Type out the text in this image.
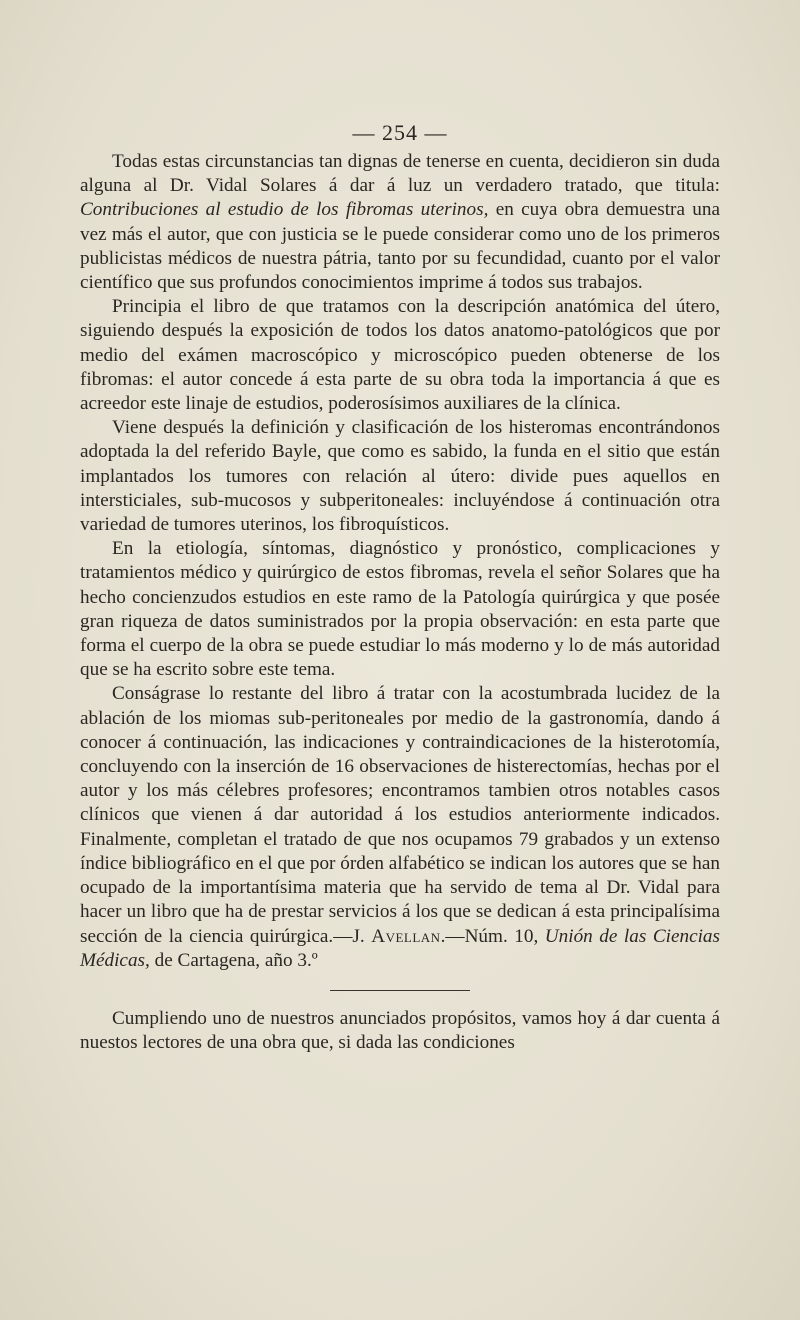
— 254 —

Todas estas circunstancias tan dignas de tenerse en cuenta, decidieron sin duda alguna al Dr. Vidal Solares á dar á luz un verdadero tratado, que titula: Contribuciones al estudio de los fibromas uterinos, en cuya obra demuestra una vez más el autor, que con justicia se le puede considerar como uno de los primeros publicistas médicos de nuestra pátria, tanto por su fecundidad, cuanto por el valor científico que sus profundos conocimientos imprime á todos sus trabajos.

Principia el libro de que tratamos con la descripción anatómica del útero, siguiendo después la exposición de todos los datos anatomo-patológicos que por medio del exámen macroscópico y microscópico pueden obtenerse de los fibromas: el autor concede á esta parte de su obra toda la importancia á que es acreedor este linaje de estudios, poderosísimos auxiliares de la clínica.

Viene después la definición y clasificación de los histeromas encontrándonos adoptada la del referido Bayle, que como es sabido, la funda en el sitio que están implantados los tumores con relación al útero: divide pues aquellos en intersticiales, sub-mucosos y subperitoneales: incluyéndose á continuación otra variedad de tumores uterinos, los fibroquísticos.

En la etiología, síntomas, diagnóstico y pronóstico, complicaciones y tratamientos médico y quirúrgico de estos fibromas, revela el señor Solares que ha hecho concienzudos estudios en este ramo de la Patología quirúrgica y que posée gran riqueza de datos suministrados por la propia observación: en esta parte que forma el cuerpo de la obra se puede estudiar lo más moderno y lo de más autoridad que se ha escrito sobre este tema.

Conságrase lo restante del libro á tratar con la acostumbrada lucidez de la ablación de los miomas sub-peritoneales por medio de la gastronomía, dando á conocer á continuación, las indicaciones y contraindicaciones de la histerotomía, concluyendo con la inserción de 16 observaciones de histerectomías, hechas por el autor y los más célebres profesores; encontramos tambien otros notables casos clínicos que vienen á dar autoridad á los estudios anteriormente indicados. Finalmente, completan el tratado de que nos ocupamos 79 grabados y un extenso índice bibliográfico en el que por órden alfabético se indican los autores que se han ocupado de la importantísima materia que ha servido de tema al Dr. Vidal para hacer un libro que ha de prestar servicios á los que se dedican á esta principalísima sección de la ciencia quirúrgica.—J. Avellan.—Núm. 10, Unión de las Ciencias Médicas, de Cartagena, año 3.º

Cumpliendo uno de nuestros anunciados propósitos, vamos hoy á dar cuenta á nuestos lectores de una obra que, si dada las condiciones
